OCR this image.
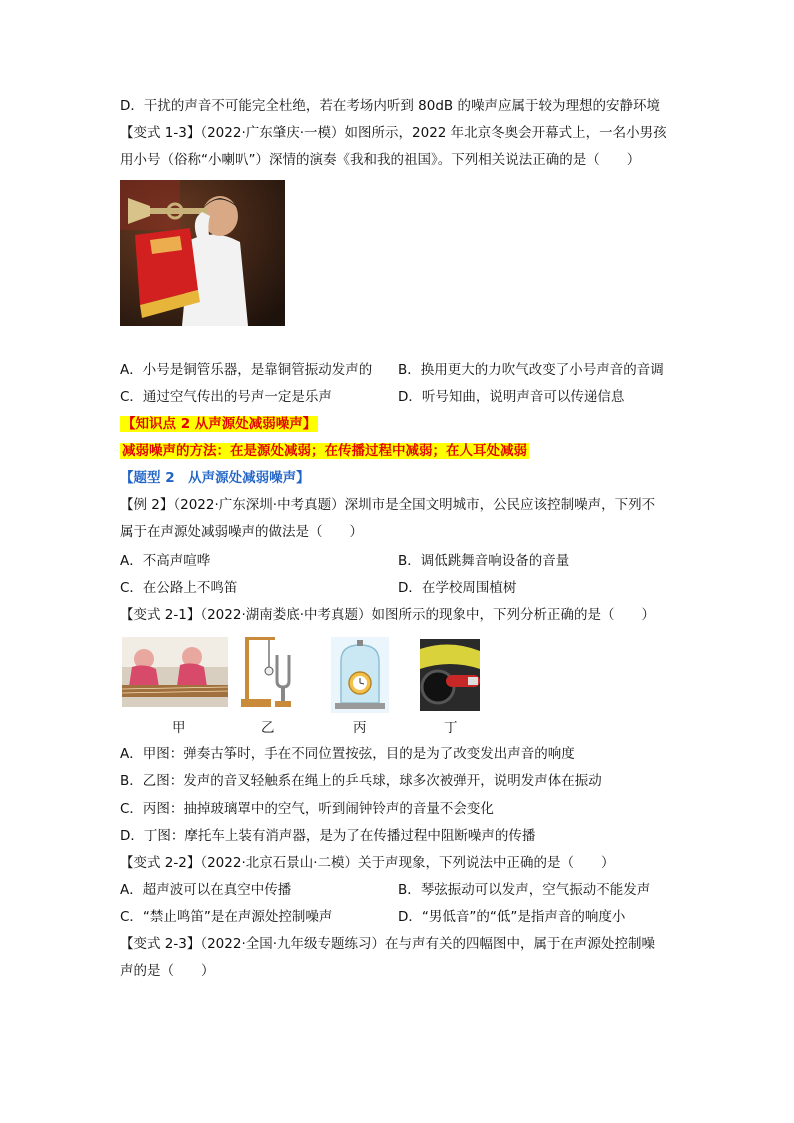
D．干扰的声音不可能完全杜绝，若在考场内听到 80dB 的噪声应属于较为理想的安静环境
【变式 1-3】（2022·广东肇庆·一模）如图所示，2022 年北京冬奥会开幕式上，一名小男孩
用小号（俗称“小喇叭”）深情的演奏《我和我的祖国》。下列相关说法正确的是（　　）
A．小号是铜管乐器，是靠铜管振动发声的 B．换用更大的力吹气改变了小号声音的音调
C．通过空气传出的号声一定是乐声	D．听号知曲，说明声音可以传递信息
【知识点 2 从声源处减弱噪声】
减弱噪声的方法：在是源处减弱；在传播过程中减弱；在人耳处减弱
【题型 2　从声源处减弱噪声】
【例 2】（2022·广东深圳·中考真题）深圳市是全国文明城市，公民应该控制噪声，下列不
属于在声源处减弱噪声的做法是（　　）
A．不高声喧哗	B．调低跳舞音响设备的音量
C．在公路上不鸣笛	D．在学校周围植树
【变式 2-1】（2022·湖南娄底·中考真题）如图所示的现象中，下列分析正确的是（　　）
甲	乙	丙	丁
A．甲图：弹奏古筝时，手在不同位置按弦，目的是为了改变发出声音的响度
B．乙图：发声的音叉轻触系在绳上的乒乓球，球多次被弹开，说明发声体在振动
C．丙图：抽掉玻璃罩中的空气，听到闹钟铃声的音量不会变化
D．丁图：摩托车上装有消声器，是为了在传播过程中阻断噪声的传播
【变式 2-2】（2022·北京石景山·二模）关于声现象，下列说法中正确的是（　　）
A．超声波可以在真空中传播	B．琴弦振动可以发声，空气振动不能发声
C．“禁止鸣笛”是在声源处控制噪声	D．“男低音”的“低”是指声音的响度小
【变式 2-3】（2022·全国·九年级专题练习）在与声有关的四幅图中，属于在声源处控制噪
声的是（　　）
